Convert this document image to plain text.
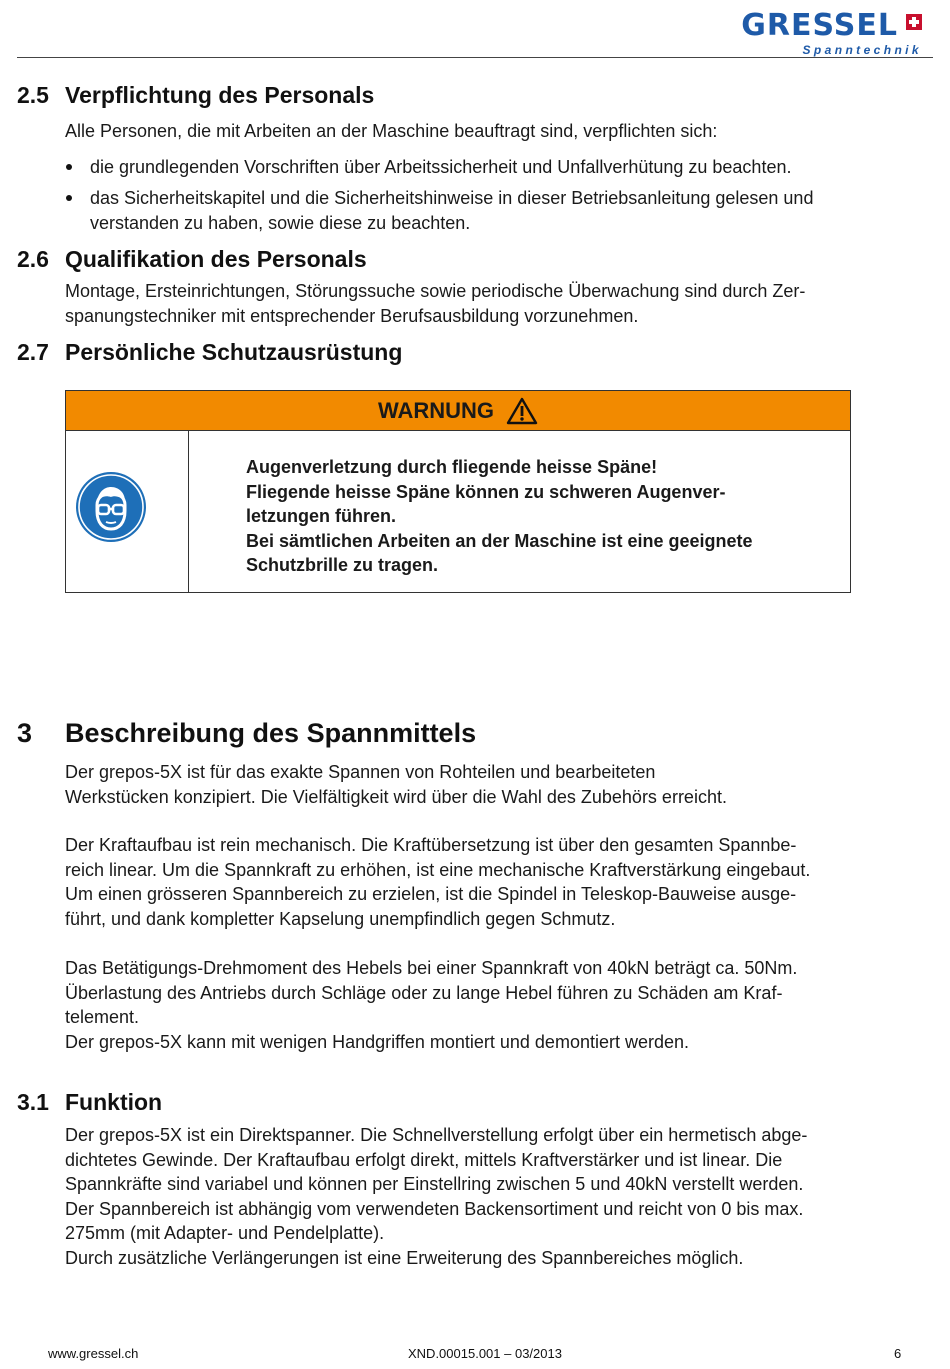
GRESSEL
Spanntechnik
2.5 Verpflichtung des Personals
Alle Personen, die mit Arbeiten an der Maschine beauftragt sind, verpflichten sich:
die grundlegenden Vorschriften über Arbeitssicherheit und Unfallverhütung zu beachten.
das Sicherheitskapitel und die Sicherheitshinweise in dieser Betriebsanleitung gelesen und
verstanden zu haben, sowie diese zu beachten.
2.6 Qualifikation des Personals
Montage, Ersteinrichtungen, Störungssuche sowie periodische Überwachung sind durch Zer-
spanungstechniker mit entsprechender Berufsausbildung vorzunehmen.
2.7 Persönliche Schutzausrüstung
WARNUNG
Augenverletzung durch fliegende heisse Späne!
Fliegende heisse Späne können zu schweren Augenver-
letzungen führen.
Bei sämtlichen Arbeiten an der Maschine ist eine geeignete
Schutzbrille zu tragen.
3 Beschreibung des Spannmittels
Der grepos-5X ist für das exakte Spannen von Rohteilen und bearbeiteten
Werkstücken konzipiert. Die Vielfältigkeit wird über die Wahl des Zubehörs erreicht.
Der Kraftaufbau ist rein mechanisch. Die Kraftübersetzung ist über den gesamten Spannbe-
reich linear. Um die Spannkraft zu erhöhen, ist eine mechanische Kraftverstärkung eingebaut.
Um einen grösseren Spannbereich zu erzielen, ist die Spindel in Teleskop-Bauweise ausge-
führt, und dank kompletter Kapselung unempfindlich gegen Schmutz.
Das Betätigungs-Drehmoment des Hebels bei einer Spannkraft von 40kN beträgt ca. 50Nm.
Überlastung des Antriebs durch Schläge oder zu lange Hebel führen zu Schäden am Kraf-
telement.
Der grepos-5X kann mit wenigen Handgriffen montiert und demontiert werden.
3.1 Funktion
Der grepos-5X ist ein Direktspanner. Die Schnellverstellung erfolgt über ein hermetisch abge-
dichtetes Gewinde. Der Kraftaufbau erfolgt direkt, mittels Kraftverstärker und ist linear. Die
Spannkräfte sind variabel und können per Einstellring zwischen 5 und 40kN verstellt werden.
Der Spannbereich ist abhängig vom verwendeten Backensortiment und reicht von 0 bis max.
275mm (mit Adapter- und Pendelplatte).
Durch zusätzliche Verlängerungen ist eine Erweiterung des Spannbereiches möglich.
www.gressel.ch	XND.00015.001 – 03/2013	6
